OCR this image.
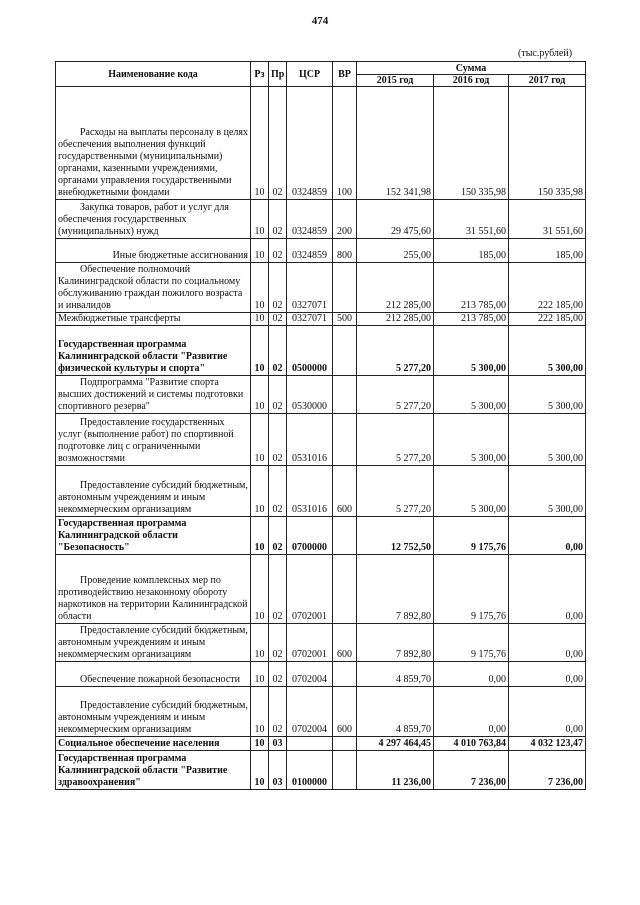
474
(тыс.рублей)
Наименование кода	Рз	Пр	ЦСР	ВР	Сумма		
					2015 год	2016 год	2017 год
Расходы на выплаты персоналу в целях обеспечения выполнения функций государственными (муниципальными) органами, казенными учреждениями, органами управления государственными внебюджетными фондами	10	02	0324859	100	152 341,98	150 335,98	150 335,98
Закупка товаров, работ и услуг для обеспечения государственных (муниципальных) нужд	10	02	0324859	200	29 475,60	31 551,60	31 551,60
Иные бюджетные ассигнования	10	02	0324859	800	255,00	185,00	185,00
Обеспечение полномочий Калининградской области по социальному обслуживанию граждан пожилого возраста и инвалидов	10	02	0327071		212 285,00	213 785,00	222 185,00
Межбюджетные трансферты	10	02	0327071	500	212 285,00	213 785,00	222 185,00
Государственная программа Калининградской области "Развитие физической культуры и спорта"	10	02	0500000		5 277,20	5 300,00	5 300,00
Подпрограмма "Развитие спорта высших достижений и системы подготовки спортивного резерва"	10	02	0530000		5 277,20	5 300,00	5 300,00
Предоставление государственных услуг (выполнение работ) по спортивной подготовке лиц с ограниченными возможностями	10	02	0531016		5 277,20	5 300,00	5 300,00
Предоставление субсидий бюджетным, автономным учреждениям и иным некоммерческим организациям	10	02	0531016	600	5 277,20	5 300,00	5 300,00
Государственная программа Калининградской области "Безопасность"	10	02	0700000		12 752,50	9 175,76	0,00
Проведение комплексных мер по противодействию незаконному обороту наркотиков на территории Калининградской области	10	02	0702001		7 892,80	9 175,76	0,00
Предоставление субсидий бюджетным, автономным учреждениям и иным некоммерческим организациям	10	02	0702001	600	7 892,80	9 175,76	0,00
Обеспечение пожарной безопасности	10	02	0702004		4 859,70	0,00	0,00
Предоставление субсидий бюджетным, автономным учреждениям и иным некоммерческим организациям	10	02	0702004	600	4 859,70	0,00	0,00
Социальное обеспечение населения	10	03			4 297 464,45	4 010 763,84	4 032 123,47
Государственная программа Калининградской области "Развитие здравоохранения"	10	03	0100000		11 236,00	7 236,00	7 236,00
